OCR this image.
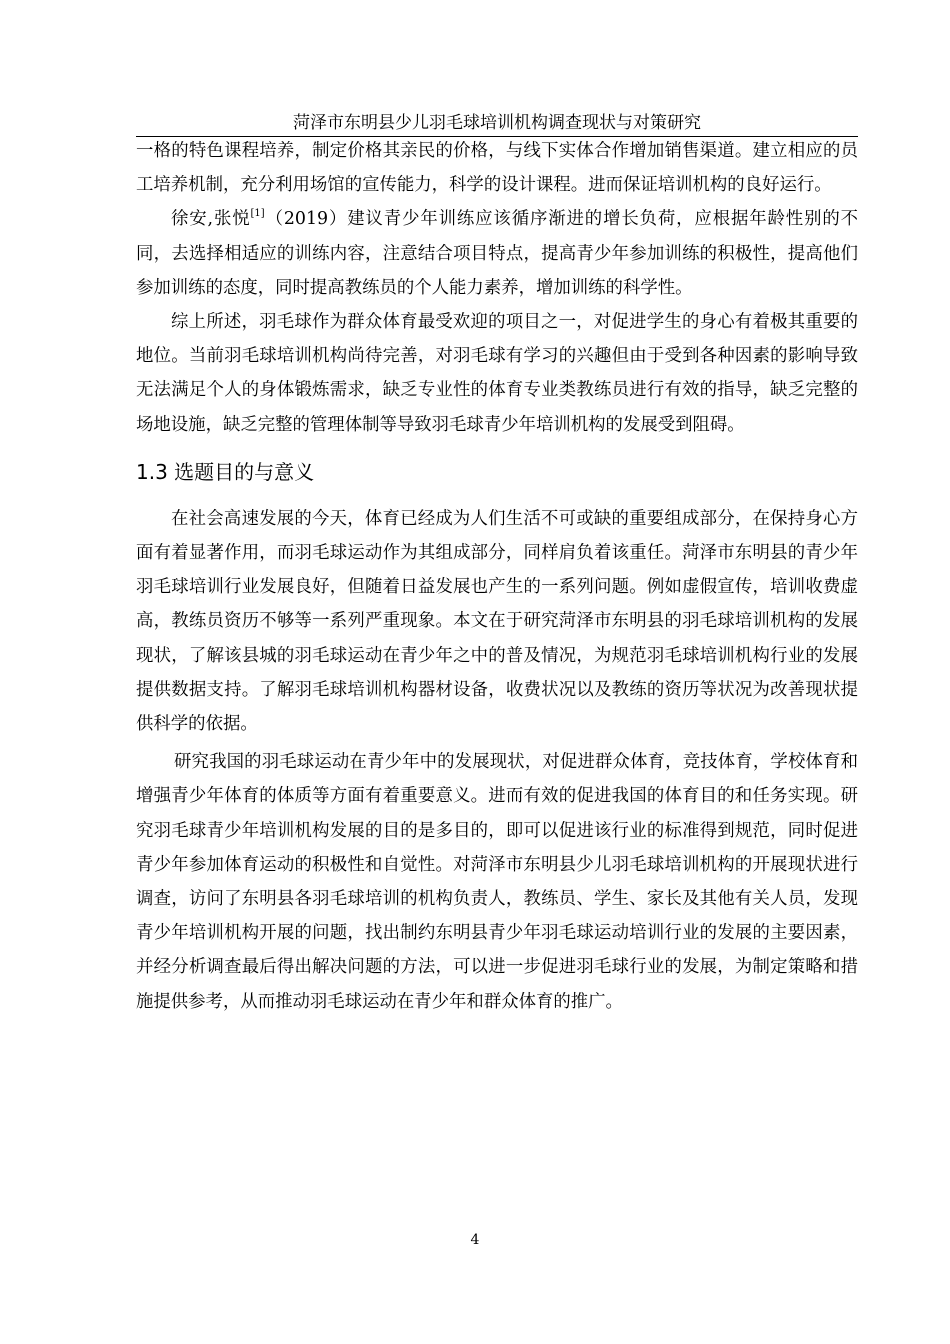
菏泽市东明县少儿羽毛球培训机构调查现状与对策研究

一格的特色课程培养，制定价格其亲民的价格，与线下实体合作增加销售渠道。建立相应的员工培养机制，充分利用场馆的宣传能力，科学的设计课程。进而保证培训机构的良好运行。

徐安,张悦[1]（2019）建议青少年训练应该循序渐进的增长负荷，应根据年龄性别的不同，去选择相适应的训练内容，注意结合项目特点，提高青少年参加训练的积极性，提高他们参加训练的态度，同时提高教练员的个人能力素养，增加训练的科学性。

综上所述，羽毛球作为群众体育最受欢迎的项目之一，对促进学生的身心有着极其重要的地位。当前羽毛球培训机构尚待完善，对羽毛球有学习的兴趣但由于受到各种因素的影响导致无法满足个人的身体锻炼需求，缺乏专业性的体育专业类教练员进行有效的指导，缺乏完整的场地设施，缺乏完整的管理体制等导致羽毛球青少年培训机构的发展受到阻碍。

1.3 选题目的与意义

在社会高速发展的今天，体育已经成为人们生活不可或缺的重要组成部分，在保持身心方面有着显著作用，而羽毛球运动作为其组成部分，同样肩负着该重任。菏泽市东明县的青少年羽毛球培训行业发展良好，但随着日益发展也产生的一系列问题。例如虚假宣传，培训收费虚高，教练员资历不够等一系列严重现象。本文在于研究菏泽市东明县的羽毛球培训机构的发展现状，了解该县城的羽毛球运动在青少年之中的普及情况，为规范羽毛球培训机构行业的发展提供数据支持。了解羽毛球培训机构器材设备，收费状况以及教练的资历等状况为改善现状提供科学的依据。

研究我国的羽毛球运动在青少年中的发展现状，对促进群众体育，竞技体育，学校体育和增强青少年体育的体质等方面有着重要意义。进而有效的促进我国的体育目的和任务实现。研究羽毛球青少年培训机构发展的目的是多目的，即可以促进该行业的标准得到规范，同时促进青少年参加体育运动的积极性和自觉性。对菏泽市东明县少儿羽毛球培训机构的开展现状进行调查，访问了东明县各羽毛球培训的机构负责人，教练员、学生、家长及其他有关人员，发现青少年培训机构开展的问题，找出制约东明县青少年羽毛球运动培训行业的发展的主要因素，并经分析调查最后得出解决问题的方法，可以进一步促进羽毛球行业的发展，为制定策略和措施提供参考，从而推动羽毛球运动在青少年和群众体育的推广。

4
